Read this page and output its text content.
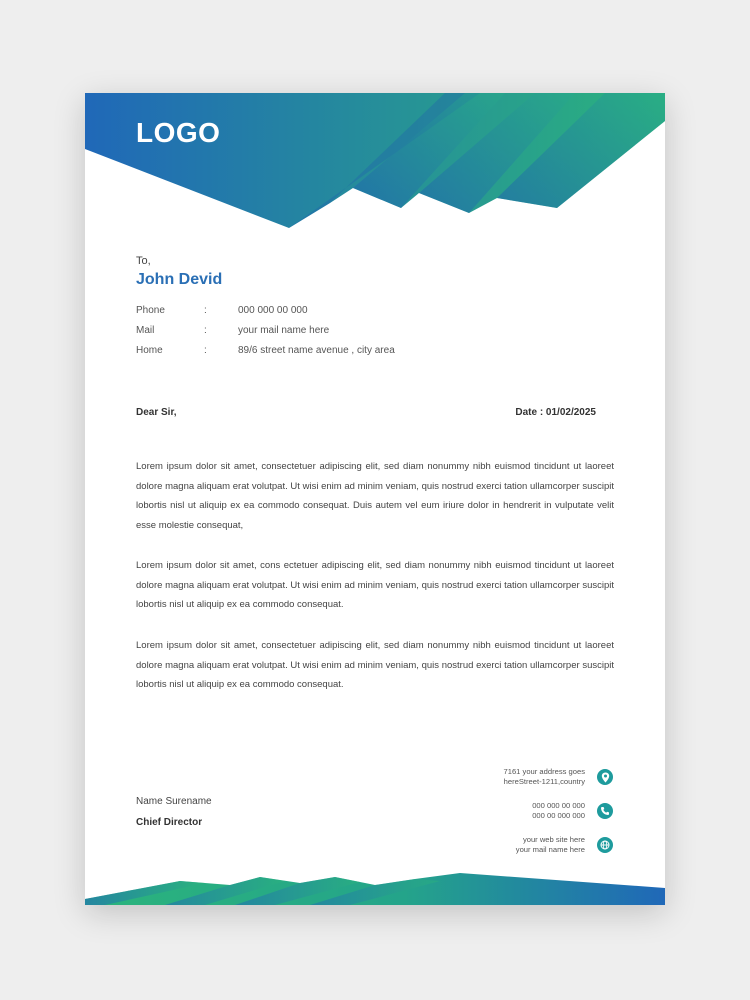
LOGO
To,
John Devid
Phone	:	000 000 00 000
Mail	:	your mail name here
Home	:	89/6 street name avenue , city area
Dear Sir,	Date : 01/02/2025

Lorem ipsum dolor sit amet, consectetuer adipiscing elit, sed diam nonummy nibh euismod tincidunt ut laoreet dolore magna aliquam erat volutpat. Ut wisi enim ad minim veniam, quis nostrud exerci tation ullamcorper suscipit lobortis nisl ut aliquip ex ea commodo consequat. Duis autem vel eum iriure dolor in hendrerit in vulputate velit esse molestie consequat,

Lorem ipsum dolor sit amet, cons ectetuer adipiscing elit, sed diam nonummy nibh euismod tincidunt ut laoreet dolore magna aliquam erat volutpat. Ut wisi enim ad minim veniam, quis nostrud exerci tation ullamcorper suscipit lobortis nisl ut aliquip ex ea commodo consequat.

Lorem ipsum dolor sit amet, consectetuer adipiscing elit, sed diam nonummy nibh euismod tincidunt ut laoreet dolore magna aliquam erat volutpat. Ut wisi enim ad minim veniam, quis nostrud exerci tation ullamcorper suscipit lobortis nisl ut aliquip ex ea commodo consequat.

Name Surename
Chief Director
7161 your address goes
hereStreet-1211,country
000 000 00 000
000 00 000 000
your web site here
your mail name here
